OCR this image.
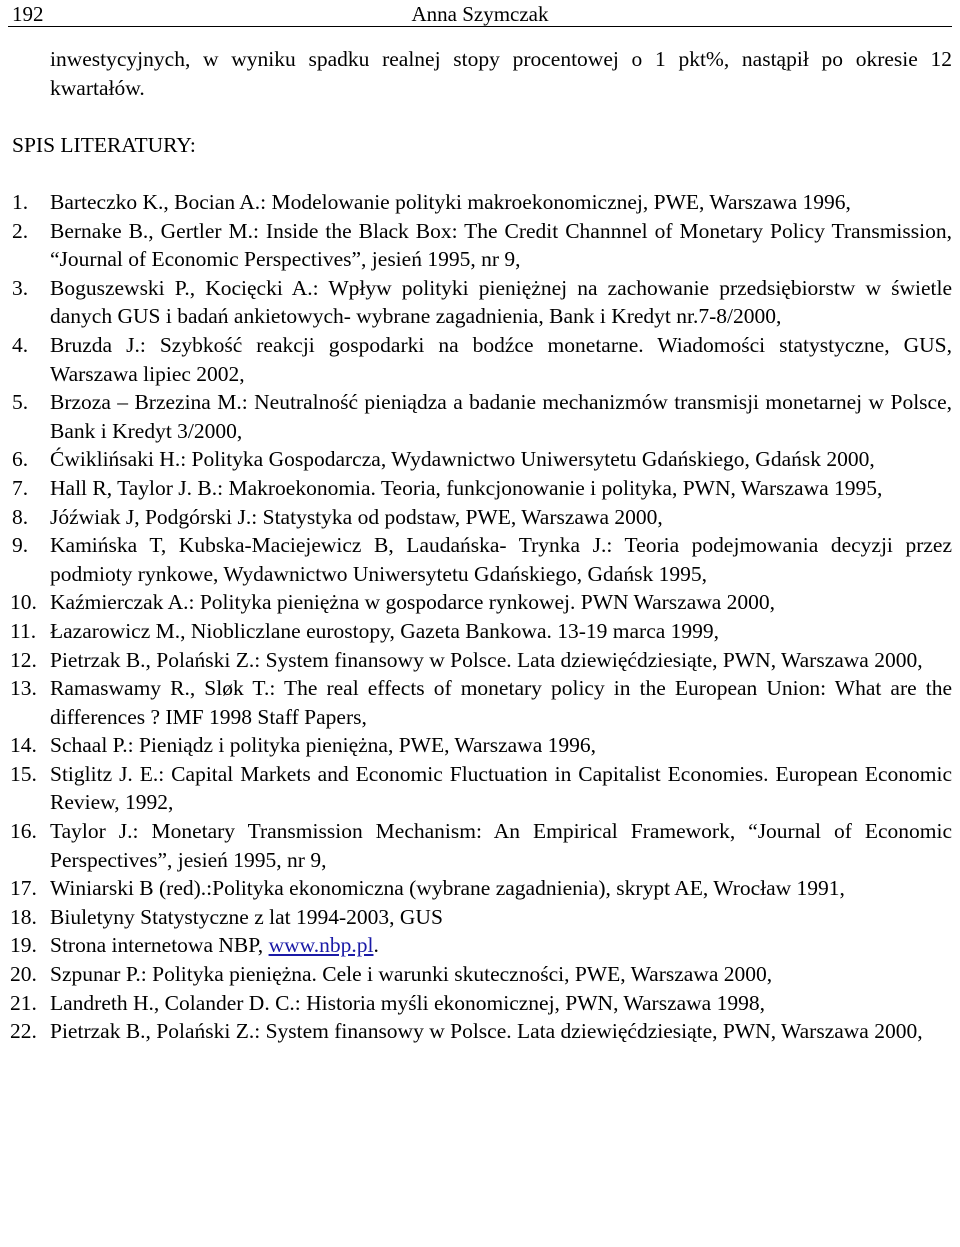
192	Anna Szymczak
inwestycyjnych, w wyniku spadku realnej stopy procentowej o 1 pkt%, nastąpił po okresie 12 kwartałów.
SPIS LITERATURY:
1.	Barteczko K., Bocian A.: Modelowanie polityki makroekonomicznej, PWE, Warszawa 1996,
2.	Bernake B., Gertler M.: Inside the Black Box: The Credit Channnel of Monetary Policy Transmission, “Journal of Economic Perspectives”, jesień 1995, nr 9,
3.	Boguszewski P., Kocięcki A.: Wpływ polityki pieniężnej na zachowanie przedsiębiorstw w świetle danych GUS i badań ankietowych- wybrane zagadnienia, Bank i Kredyt nr.7-8/2000,
4.	Bruzda J.: Szybkość reakcji gospodarki na bodźce monetarne. Wiadomości statystyczne, GUS, Warszawa lipiec 2002,
5.	Brzoza – Brzezina M.: Neutralność pieniądza a badanie mechanizmów transmisji monetarnej w Polsce, Bank i Kredyt 3/2000,
6.	Ćwiklińsaki H.: Polityka Gospodarcza, Wydawnictwo Uniwersytetu Gdańskiego, Gdańsk 2000,
7.	Hall R, Taylor J. B.: Makroekonomia. Teoria, funkcjonowanie i polityka, PWN, Warszawa 1995,
8.	Jóźwiak J, Podgórski J.: Statystyka od podstaw, PWE, Warszawa 2000,
9.	Kamińska T, Kubska-Maciejewicz B, Laudańska- Trynka J.: Teoria podejmowania decyzji przez podmioty rynkowe, Wydawnictwo Uniwersytetu Gdańskiego, Gdańsk 1995,
10. Kaźmierczak A.: Polityka pieniężna w gospodarce rynkowej. PWN Warszawa 2000,
11. Łazarowicz M., Niobliczlane eurostopy, Gazeta Bankowa. 13-19 marca 1999,
12. Pietrzak B., Polański Z.: System finansowy w Polsce. Lata dziewięćdziesiąte, PWN, Warszawa 2000,
13. Ramaswamy R., Sløk T.: The real effects of monetary policy in the European Union: What are the differences ? IMF 1998 Staff Papers,
14. Schaal P.: Pieniądz i polityka pieniężna, PWE, Warszawa 1996,
15. Stiglitz J. E.: Capital Markets and Economic Fluctuation in Capitalist Economies. European Economic Review, 1992,
16. Taylor J.: Monetary Transmission Mechanism: An Empirical Framework, “Journal of Economic Perspectives”, jesień 1995, nr 9,
17. Winiarski B (red).:Polityka ekonomiczna (wybrane zagadnienia), skrypt AE, Wrocław 1991,
18. Biuletyny Statystyczne z lat 1994-2003, GUS
19. Strona internetowa NBP, www.nbp.pl.
20. Szpunar P.: Polityka pieniężna. Cele i warunki skuteczności, PWE, Warszawa 2000,
21. Landreth H., Colander D. C.: Historia myśli ekonomicznej, PWN, Warszawa 1998,
22. Pietrzak B., Polański Z.: System finansowy w Polsce. Lata dziewięćdziesiąte, PWN, Warszawa 2000,
